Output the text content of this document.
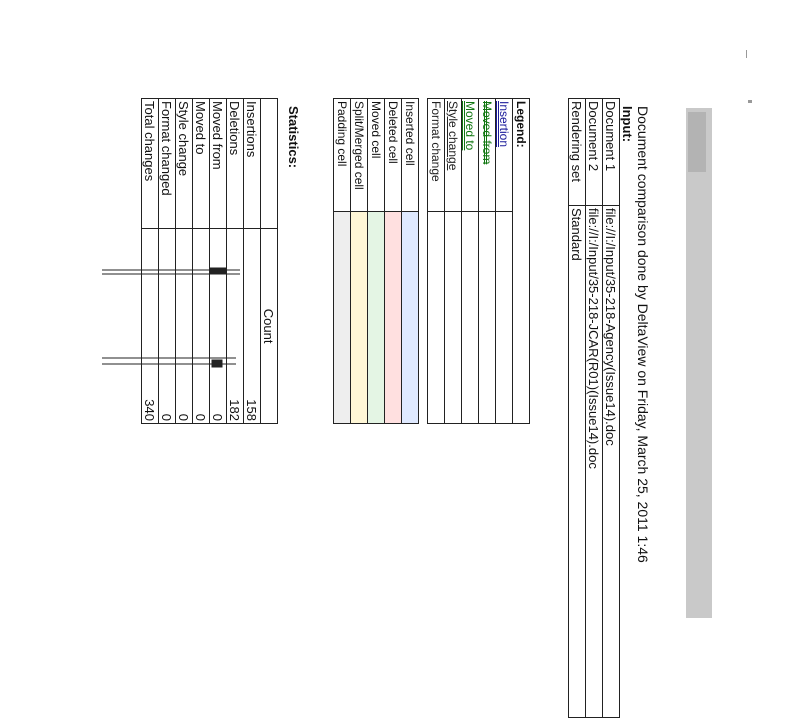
Document comparison done by DeltaView on Friday, March 25, 2011 1:46
Input:
Document 1	file://I:/Input/35-218-Agency(Issue14).doc
Document 2	file://I:/Input/35-218-JCAR(R01)(Issue14).doc
Rendering set	Standard
Legend:	
Insertion	
Moved from	
Moved to	
Style change	
Format change	

Inserted cell	
Deleted cell	
Moved cell	
Split/Merged cell	
Padding cell	
Statistics:
	Count
Insertions	158
Deletions	182
Moved from	0
Moved to	0
Style change	0
Format changed	0
Total changes	340
